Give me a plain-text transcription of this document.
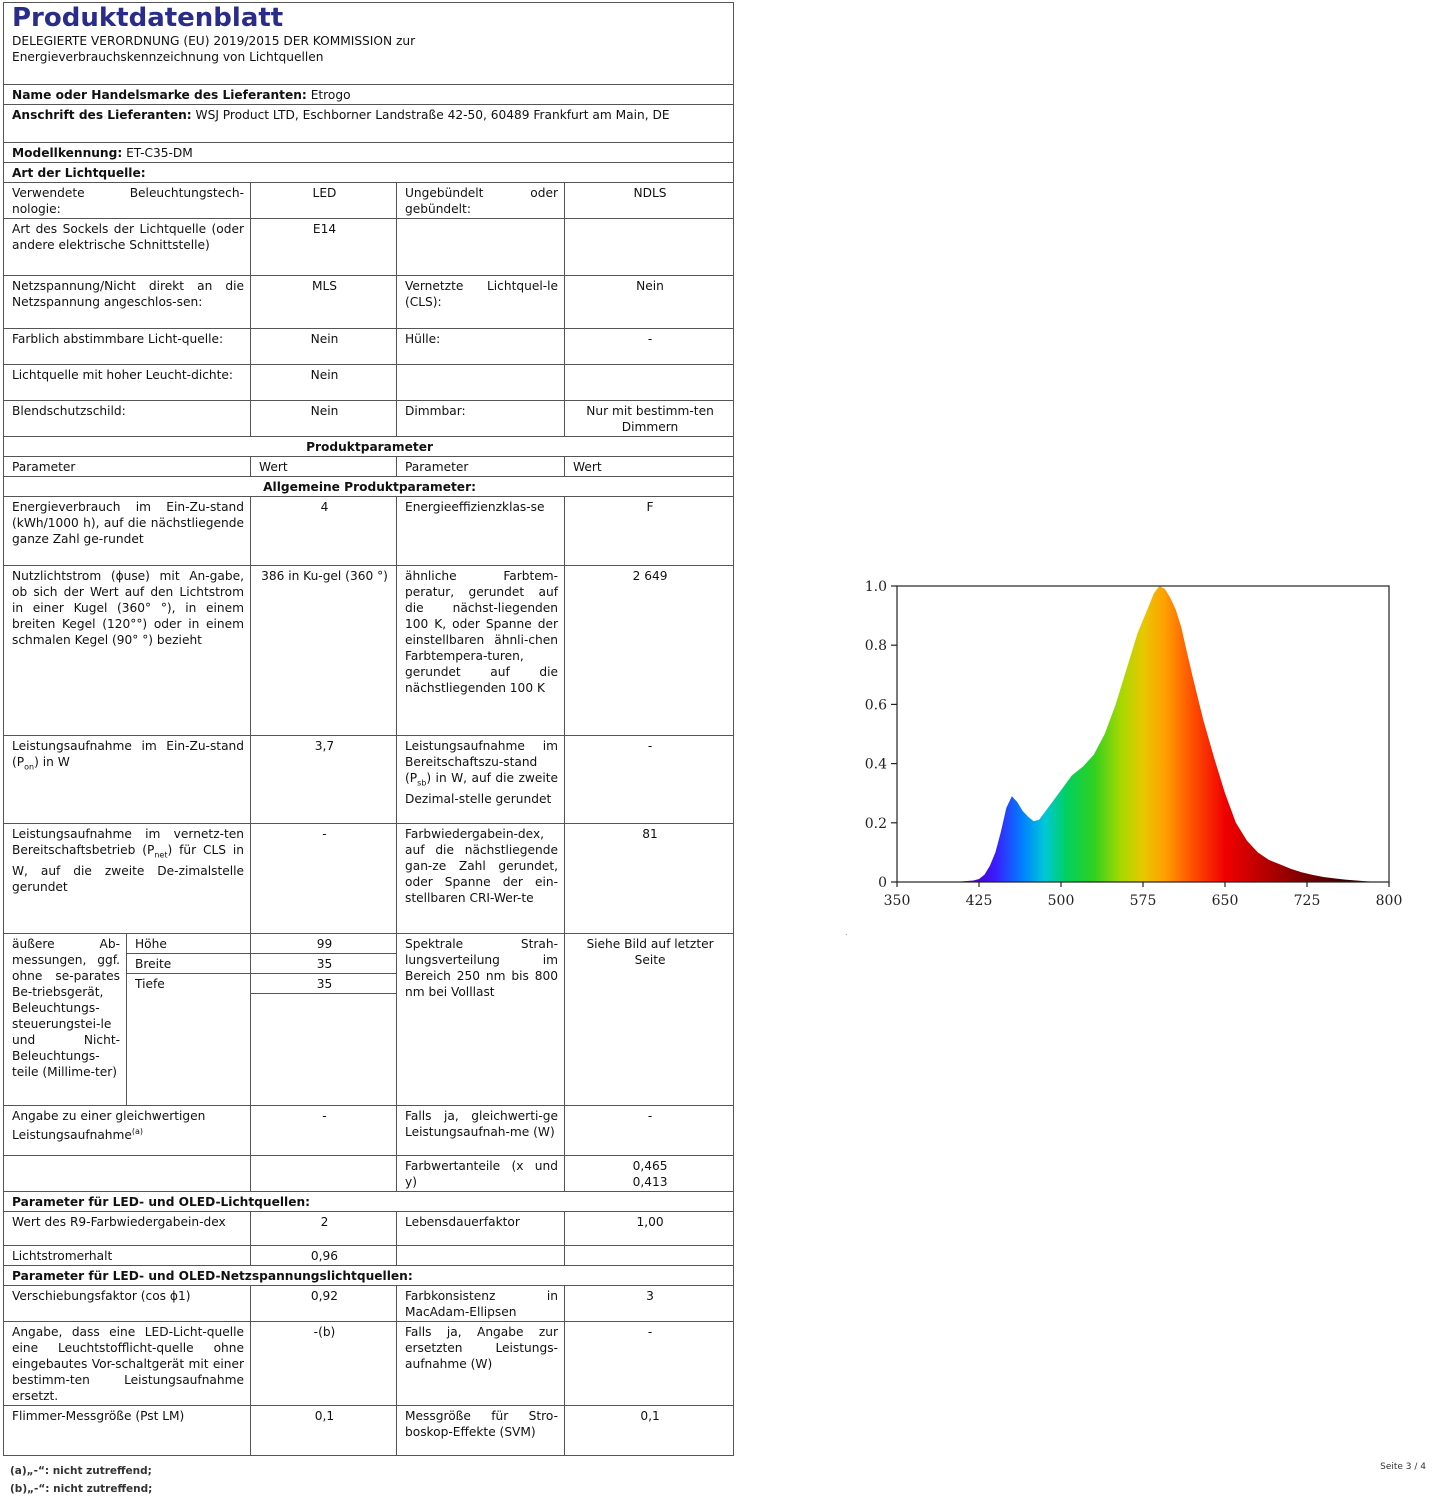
Produktdatenblatt
DELEGIERTE VERORDNUNG (EU) 2019/2015 DER KOMMISSION zur
Energieverbrauchskennzeichnung von Lichtquellen				

Name oder Handelsmarke des Lieferanten: Etrogo				
Anschrift des Lieferanten: WSJ Product LTD, Eschborner Landstraße 42-50, 60489 Frankfurt am Main, DE				
Modellkennung: ET-C35-DM				
Art der Lichtquelle:				
Verwendete Beleuchtungstech-nologie:		LED	Ungebündelt oder gebündelt:	NDLS
Art des Sockels der Lichtquelle (oder andere elektrische Schnittstelle)		E14		
Netzspannung/Nicht direkt an die Netzspannung angeschlos-sen:		MLS	Vernetzte Lichtquel-le (CLS):	Nein
Farblich abstimmbare Licht-quelle:		Nein	Hülle:	-
Lichtquelle mit hoher Leucht-dichte:		Nein		
Blendschutzschild:		Nein	Dimmbar:	Nur mit bestimm-ten Dimmern
Produktparameter				
Parameter		Wert	Parameter	Wert
Allgemeine Produktparameter:				
Energieverbrauch im Ein-Zu-stand (kWh/1000 h), auf die nächstliegende ganze Zahl ge-rundet		4	Energieeffizienzklas-se	F
Nutzlichtstrom (ɸuse) mit An-gabe, ob sich der Wert auf den Lichtstrom in einer Kugel (360° °), in einem breiten Kegel (120°°) oder in einem schmalen Kegel (90° °) bezieht		386 in Ku-gel (360 °)	ähnliche Farbtem-peratur, gerundet auf die nächst-liegenden 100 K, oder Spanne der einstellbaren ähnli-chen Farbtempera-turen, gerundet auf die nächstliegenden 100 K	2 649
Leistungsaufnahme im Ein-Zu-stand $(P_{on})$ in W		3,7	Leistungsaufnahme im Bereitschaftszu-stand $(P_{sb})$ in W, auf die zweite Dezimal-stelle gerundet	-
Leistungsaufnahme im vernetz-ten Bereitschaftsbetrieb $(P_{net})$ für CLS in W, auf die zweite De-zimalstelle gerundet		-	Farbwiedergabein-dex, auf die nächstliegende gan-ze Zahl gerundet, oder Spanne der ein-stellbaren CRI-Wer-te	81
äußere Ab-messungen, ggf. ohne se-parates Be-triebsgerät, Beleuchtungs-steuerungstei-le und Nicht-Beleuchtungs-teile (Millime-ter)	Höhe	99	Spektrale Strah-lungsverteilung im Bereich 250 nm bis 800 nm bei Volllast	Siehe Bild auf letzter Seite
	Breite	35		
	Tiefe	35		

Angabe zu einer gleichwertigen Leistungsaufnahme$^{(a)}$		-	Falls ja, gleichwerti-ge Leistungsaufnah-me (W)	-
			Farbwertanteile (x und y)	0,465
0,413

Parameter für LED- und OLED-Lichtquellen:				
Wert des R9-Farbwiedergabein-dex		2	Lebensdauerfaktor	1,00
Lichtstromerhalt		0,96		
Parameter für LED- und OLED-Netzspannungslichtquellen:				
Verschiebungsfaktor (cos ɸ1)		0,92	Farbkonsistenz in MacAdam-Ellipsen	3
Angabe, dass eine LED-Licht-quelle eine Leuchtstofflicht-quelle ohne eingebautes Vor-schaltgerät mit einer bestimm-ten Leistungsaufnahme ersetzt.		-(b)	Falls ja, Angabe zur ersetzten Leistungs-aufnahme (W)	-
Flimmer-Messgröße (Pst LM)		0,1	Messgröße für Stro-boskop-Effekte (SVM)	0,1
(a)„-“: nicht zutreffend;
(b)„-“: nicht zutreffend;
0
0.2
0.4
0.6
0.8
1.0
350	425	500	575	650	725	800
.
Seite 3 / 4
